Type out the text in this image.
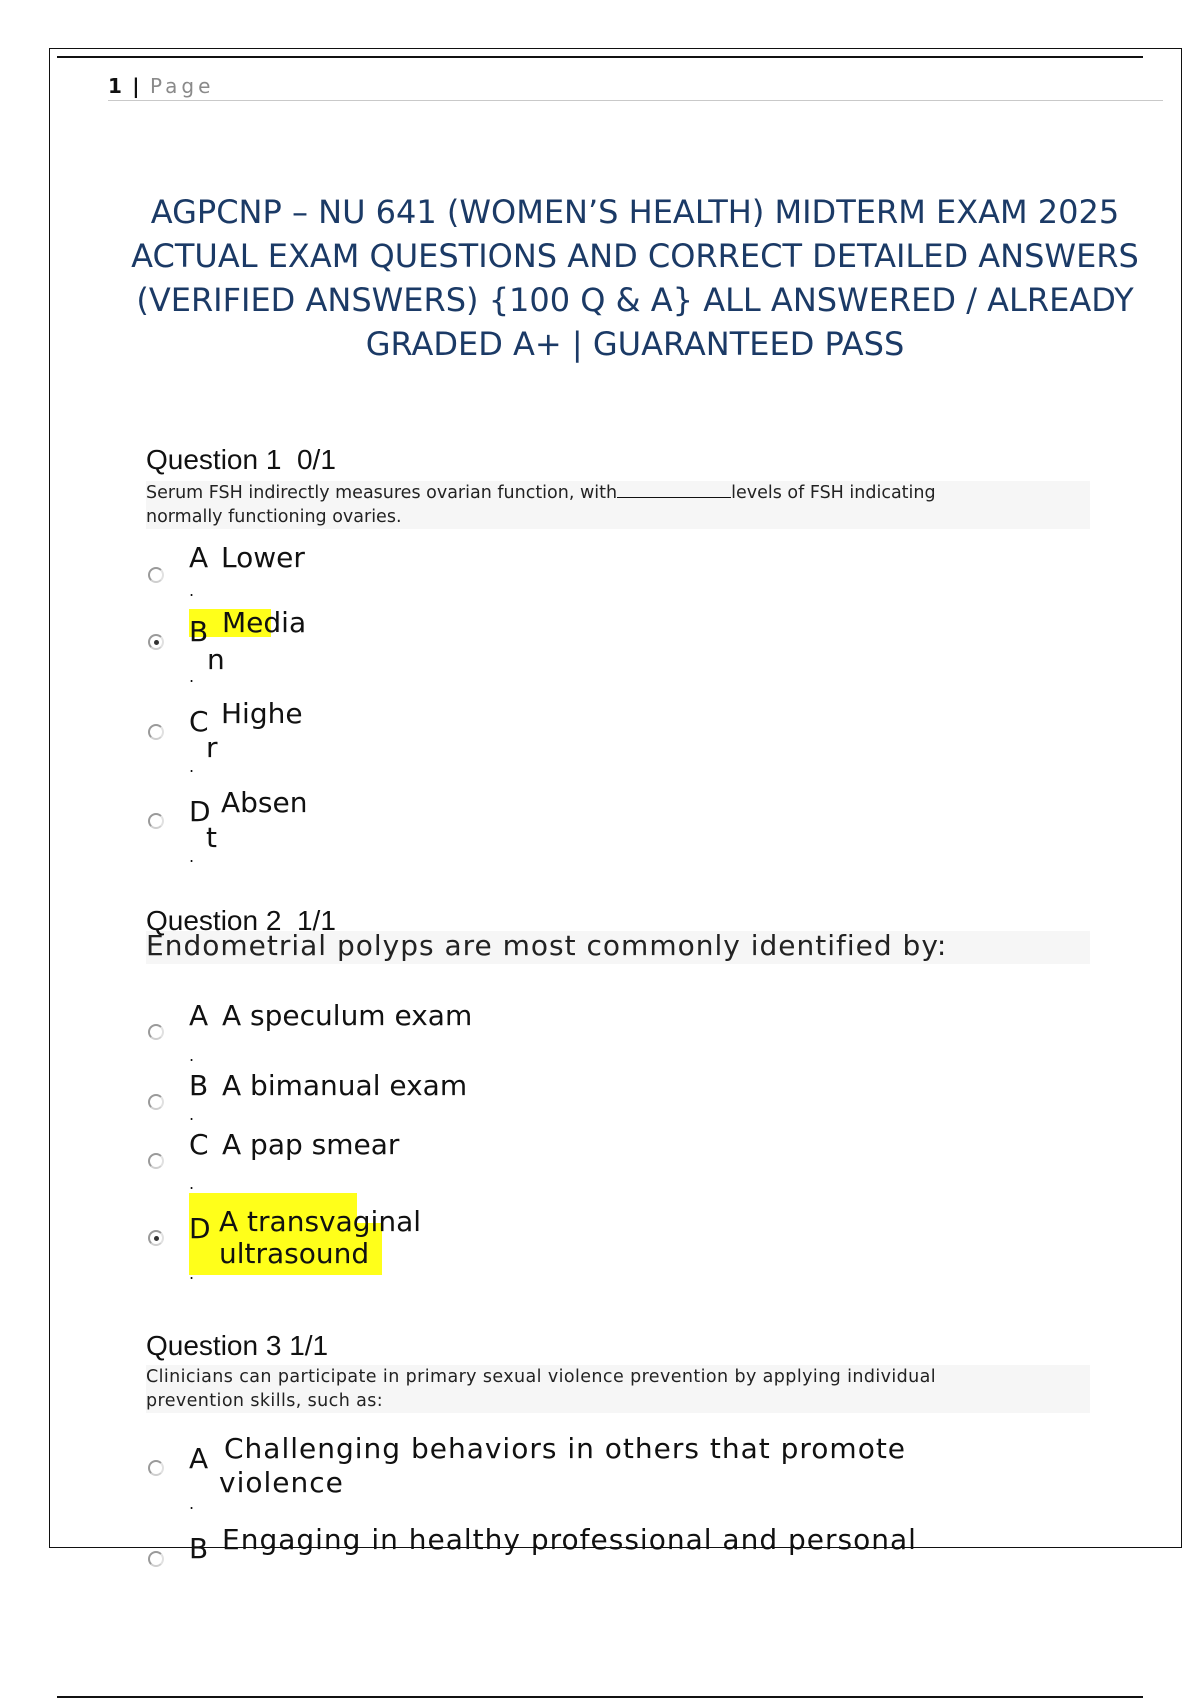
1 | Page
AGPCNP – NU 641 (WOMEN’S HEALTH) MIDTERM EXAM 2025
ACTUAL EXAM QUESTIONS AND CORRECT DETAILED ANSWERS
(VERIFIED ANSWERS) {100 Q & A} ALL ANSWERED / ALREADY
GRADED A+ | GUARANTEED PASS
Question 1  0/1
Serum FSH indirectly measures ovarian function, with	levels of FSH indicating
normally functioning ovaries.
A
.
Lower
B Media
n
.
C Highe
r
.
D Absen
t
.
Endometrial polyps are most commonly identified by:
Question 2  1/1
A A speculum exam
.
B A bimanual exam
.
C A pap smear
.
D A transvaginal
ultrasound
.
Question 3 1/1
Clinicians can participate in primary sexual violence prevention by applying individual
prevention skills, such as:
A Challenging behaviors in others that promote
violence
.
B Engaging in healthy professional and personal
